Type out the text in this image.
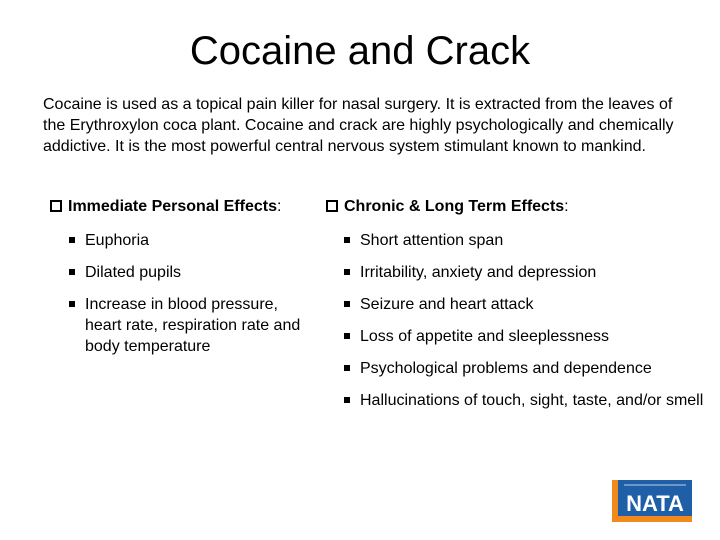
Cocaine and Crack
Cocaine is used as a topical pain killer for nasal surgery. It is extracted from the leaves of the Erythroxylon coca plant. Cocaine and crack are highly psychologically and chemically addictive. It is the most powerful central nervous system stimulant known to mankind.
Immediate Personal Effects:	Chronic & Long Term Effects:
Euphoria
Dilated pupils
Increase in blood pressure, heart rate, respiration rate and body temperature
Short attention span
Irritability, anxiety and depression
Seizure and heart attack
Loss of appetite and sleeplessness
Psychological problems and dependence
Hallucinations of touch, sight, taste, and/or smell
NATA
